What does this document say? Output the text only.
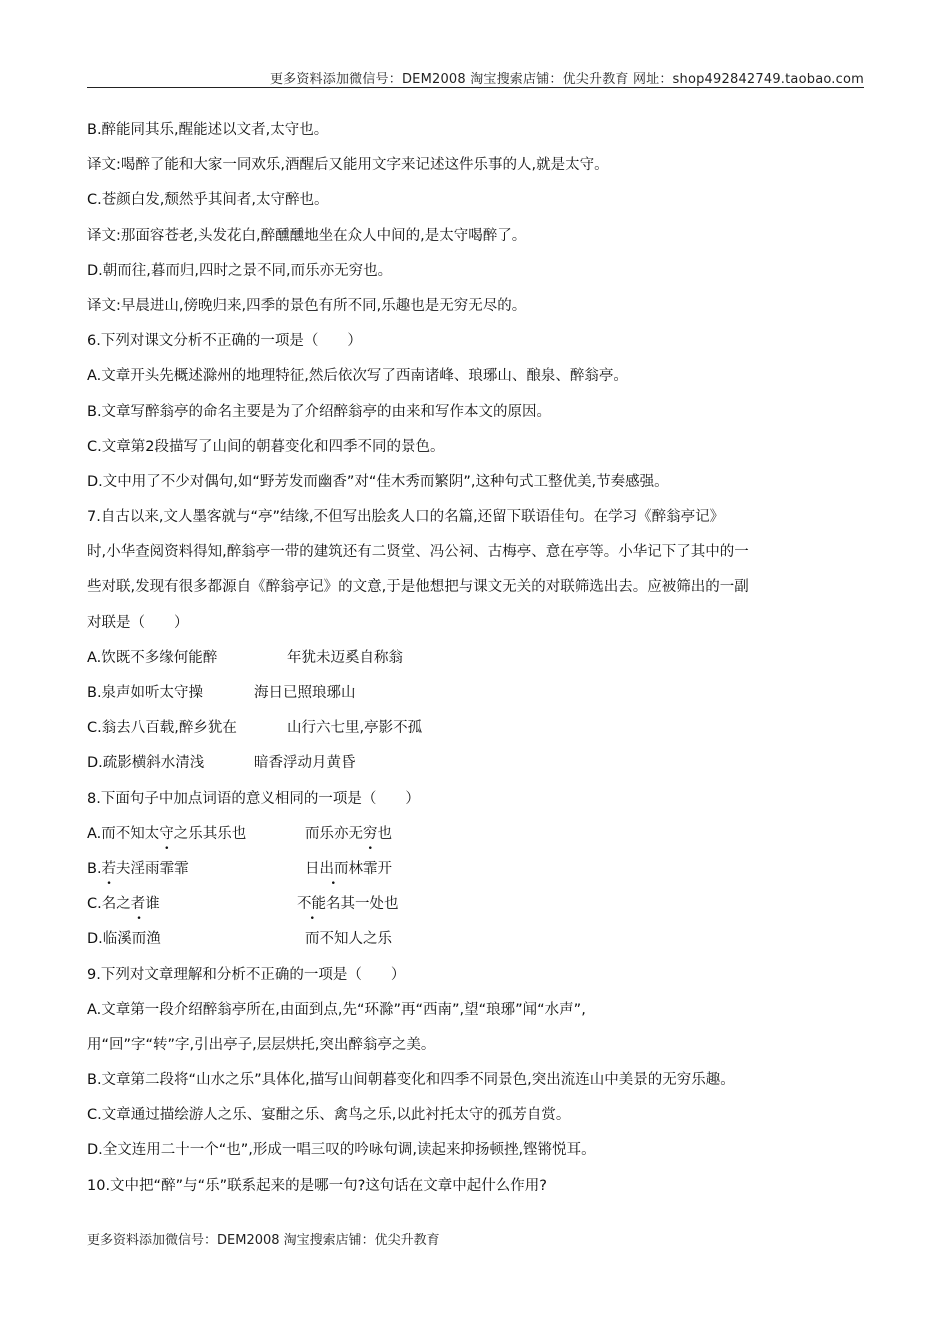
更多资料添加微信号：DEM2008 淘宝搜索店铺：优尖升教育 网址：shop492842749.taobao.com
B.醉能同其乐,醒能述以文者,太守也。
译文:喝醉了能和大家一同欢乐,酒醒后又能用文字来记述这件乐事的人,就是太守。
C.苍颜白发,颓然乎其间者,太守醉也。
译文:那面容苍老,头发花白,醉醺醺地坐在众人中间的,是太守喝醉了。
D.朝而往,暮而归,四时之景不同,而乐亦无穷也。
译文:早晨进山,傍晚归来,四季的景色有所不同,乐趣也是无穷无尽的。
6.下列对课文分析不正确的一项是（　　）
A.文章开头先概述滁州的地理特征,然后依次写了西南诸峰、琅琊山、酿泉、醉翁亭。
B.文章写醉翁亭的命名主要是为了介绍醉翁亭的由来和写作本文的原因。
C.文章第2段描写了山间的朝暮变化和四季不同的景色。
D.文中用了不少对偶句,如“野芳发而幽香”对“佳木秀而繁阴”,这种句式工整优美,节奏感强。
7.自古以来,文人墨客就与“亭”结缘,不但写出脍炙人口的名篇,还留下联语佳句。在学习《醉翁亭记》
时,小华查阅资料得知,醉翁亭一带的建筑还有二贤堂、冯公祠、古梅亭、意在亭等。小华记下了其中的一
些对联,发现有很多都源自《醉翁亭记》的文意,于是他想把与课文无关的对联筛选出去。应被筛出的一副
对联是（　　）
A.饮既不多缘何能醉	年犹未迈奚自称翁
B.泉声如听太守操	海日已照琅琊山
C.翁去八百载,醉乡犹在	山行六七里,亭影不孤
D.疏影横斜水清浅	暗香浮动月黄昏
8.下面句子中加点词语的意义相同的一项是（　　）
A.而不知太守之乐其乐也	而乐亦无穷也
B.若夫淫雨霏霏	日出而林霏开
C.名之者谁	不能名其一处也
D.临溪而渔	而不知人之乐
9.下列对文章理解和分析不正确的一项是（　　）
A.文章第一段介绍醉翁亭所在,由面到点,先“环滁”再“西南”,望“琅琊”闻“水声”,
用“回”字“转”字,引出亭子,层层烘托,突出醉翁亭之美。
B.文章第二段将“山水之乐”具体化,描写山间朝暮变化和四季不同景色,突出流连山中美景的无穷乐趣。
C.文章通过描绘游人之乐、宴酣之乐、禽鸟之乐,以此衬托太守的孤芳自赏。
D.全文连用二十一个“也”,形成一唱三叹的吟咏句调,读起来抑扬顿挫,铿锵悦耳。
10.文中把“醉”与“乐”联系起来的是哪一句?这句话在文章中起什么作用?
更多资料添加微信号：DEM2008 淘宝搜索店铺：优尖升教育
